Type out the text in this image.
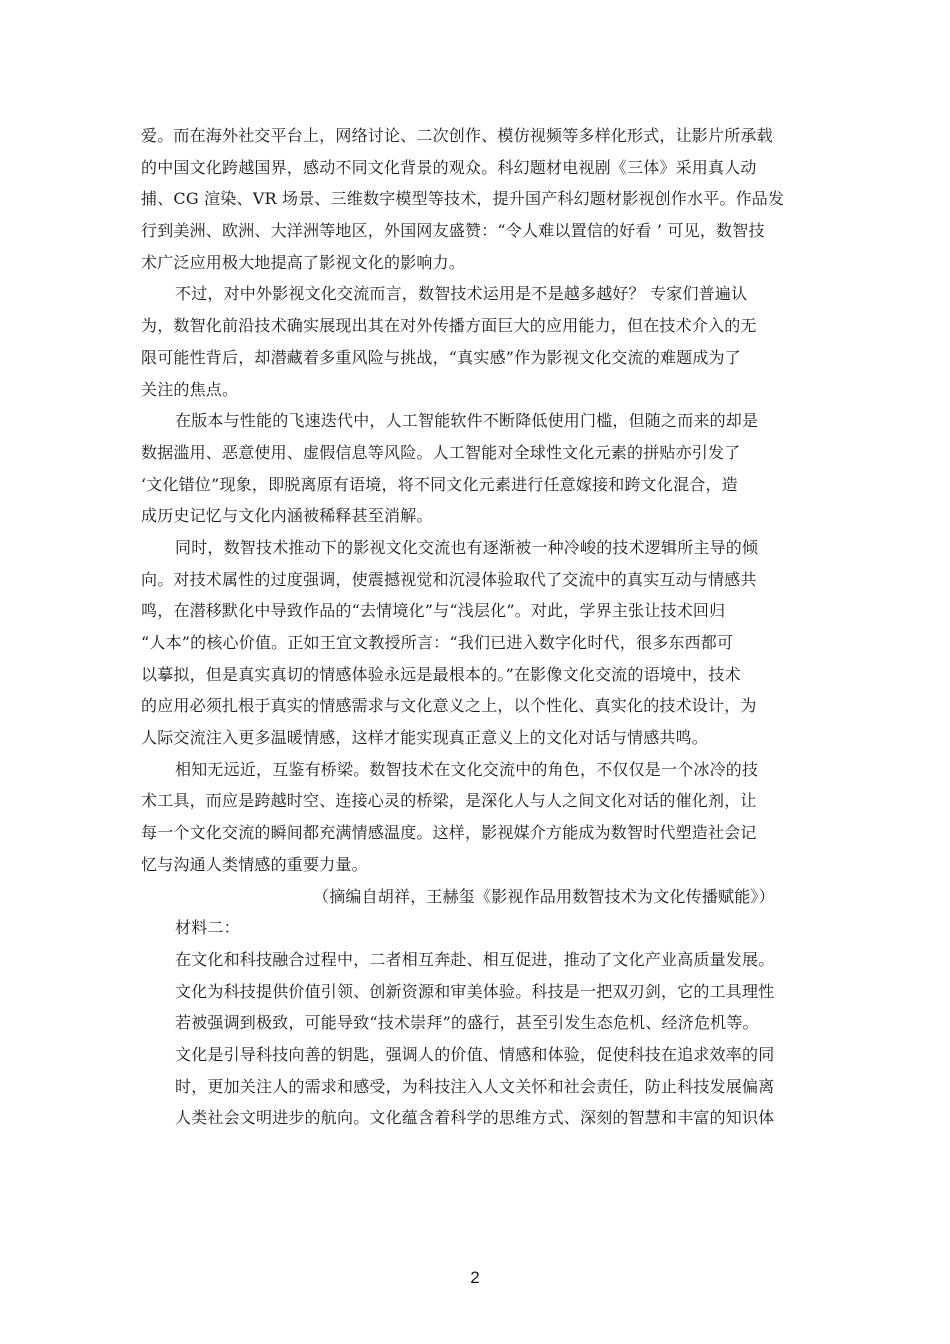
爱。而在海外社交平台上，网络讨论、二次创作、模仿视频等多样化形式，让影片所承载
的中国文化跨越国界，感动不同文化背景的观众。科幻题材电视剧《三体》采用真人动
捕、CG 渲染、VR 场景、三维数字模型等技术，提升国产科幻题材影视创作水平。作品发
行到美洲、欧洲、大洋洲等地区，外国网友盛赞：“令人难以置信的好看 ’ 可见，数智技
术广泛应用极大地提高了影视文化的影响力。
不过，对中外影视文化交流而言，数智技术运用是不是越多越好？ 专家们普遍认
为，数智化前沿技术确实展现出其在对外传播方面巨大的应用能力，但在技术介入的无
限可能性背后，却潜藏着多重风险与挑战，“真实感”作为影视文化交流的难题成为了
关注的焦点。
在版本与性能的飞速迭代中，人工智能软件不断降低使用门槛，但随之而来的却是
数据滥用、恶意使用、虚假信息等风险。人工智能对全球性文化元素的拼贴亦引发了
‘文化错位”现象，即脱离原有语境，将不同文化元素进行任意嫁接和跨文化混合，造
成历史记忆与文化内涵被稀释甚至消解。
同时，数智技术推动下的影视文化交流也有逐渐被一种冷峻的技术逻辑所主导的倾
向。对技术属性的过度强调，使震撼视觉和沉浸体验取代了交流中的真实互动与情感共
鸣，在潜移默化中导致作品的“去情境化”与“浅层化”。对此，学界主张让技术回归
“人本”的核心价值。正如王宜文教授所言：“我们已进入数字化时代，很多东西都可
以摹拟，但是真实真切的情感体验永远是最根本的。”在影像文化交流的语境中，技术
的应用必须扎根于真实的情感需求与文化意义之上，以个性化、真实化的技术设计，为
人际交流注入更多温暖情感，这样才能实现真正意义上的文化对话与情感共鸣。
相知无远近，互鉴有桥梁。数智技术在文化交流中的角色，不仅仅是一个冰冷的技
术工具，而应是跨越时空、连接心灵的桥梁，是深化人与人之间文化对话的催化剂，让
每一个文化交流的瞬间都充满情感温度。这样，影视媒介方能成为数智时代塑造社会记
忆与沟通人类情感的重要力量。
（摘编自胡祥，王赫玺《影视作品用数智技术为文化传播赋能》）
材料二：
在文化和科技融合过程中，二者相互奔赴、相互促进，推动了文化产业高质量发展。
文化为科技提供价值引领、创新资源和审美体验。科技是一把双刃剑，它的工具理性
若被强调到极致，可能导致“技术崇拜”的盛行，甚至引发生态危机、经济危机等。
文化是引导科技向善的钥匙，强调人的价值、情感和体验，促使科技在追求效率的同
时，更加关注人的需求和感受，为科技注入人文关怀和社会责任，防止科技发展偏离
人类社会文明进步的航向。文化蕴含着科学的思维方式、深刻的智慧和丰富的知识体
2
